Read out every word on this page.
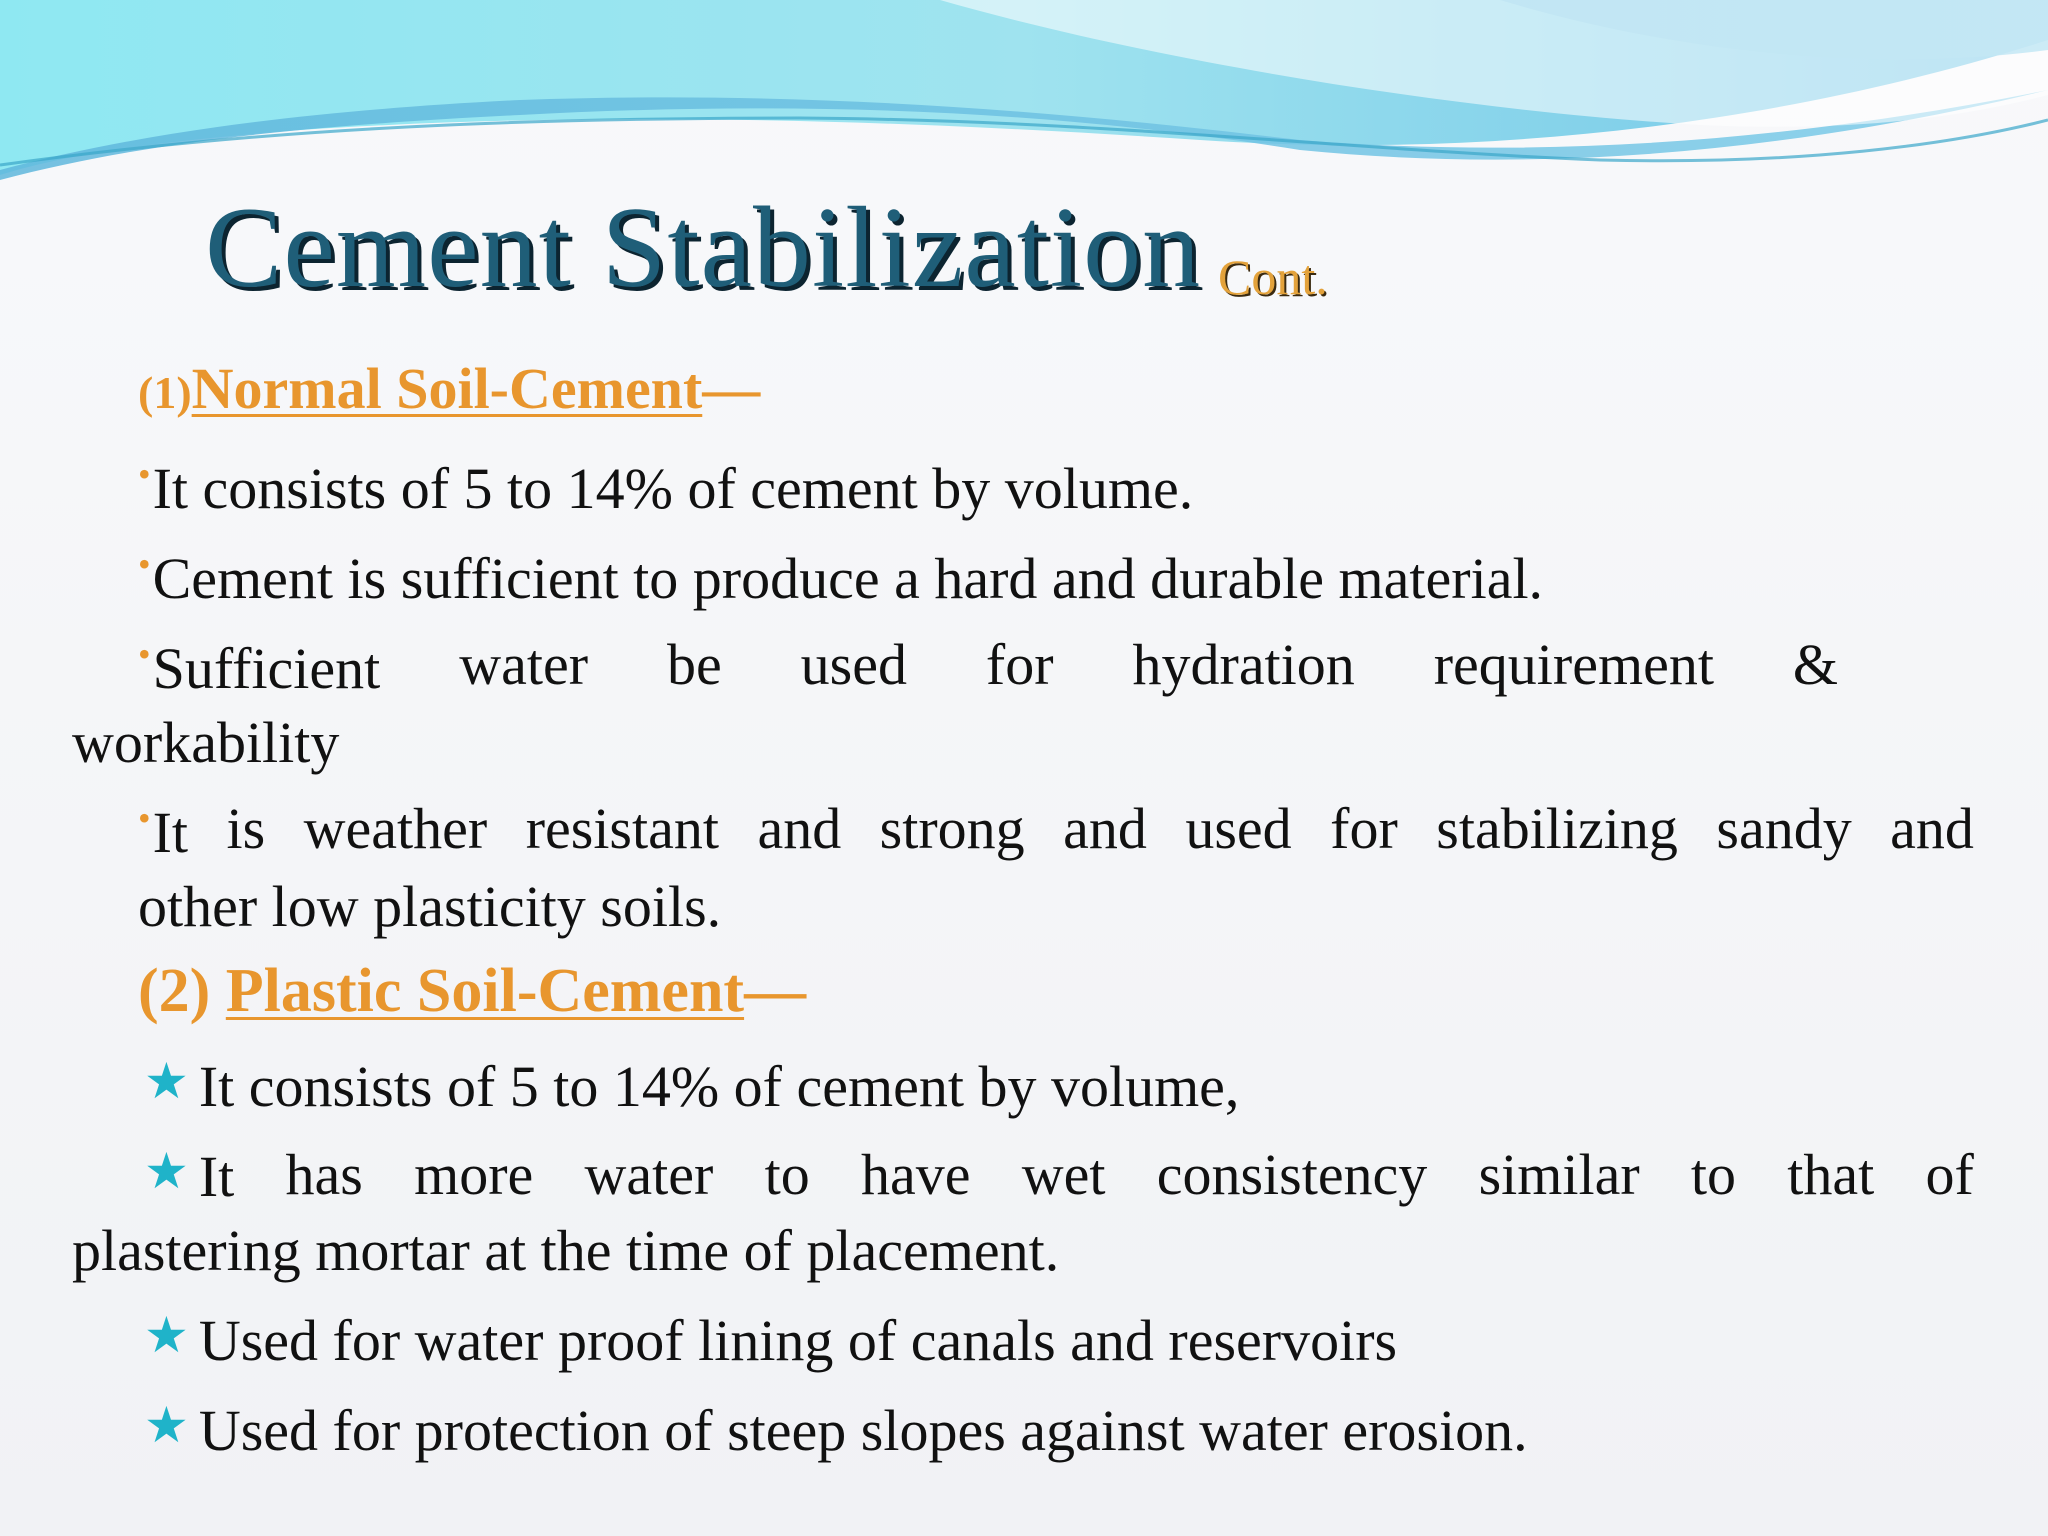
Cement Stabilization Cont.
(1)Normal Soil-Cement—
•It consists of 5 to 14% of cement by volume.
•Cement is sufficient to produce a hard and durable material.
•Sufficient water be used for hydration requirement &
workability
•It is weather resistant and strong and used for stabilizing sandy and
other low plasticity soils.
(2) Plastic Soil-Cement—
★ It consists of 5 to 14% of cement by volume,
★ It has more water to have wet consistency similar to that of
plastering mortar at the time of placement.
★ Used for water proof lining of canals and reservoirs
★ Used for protection of steep slopes against water erosion.
